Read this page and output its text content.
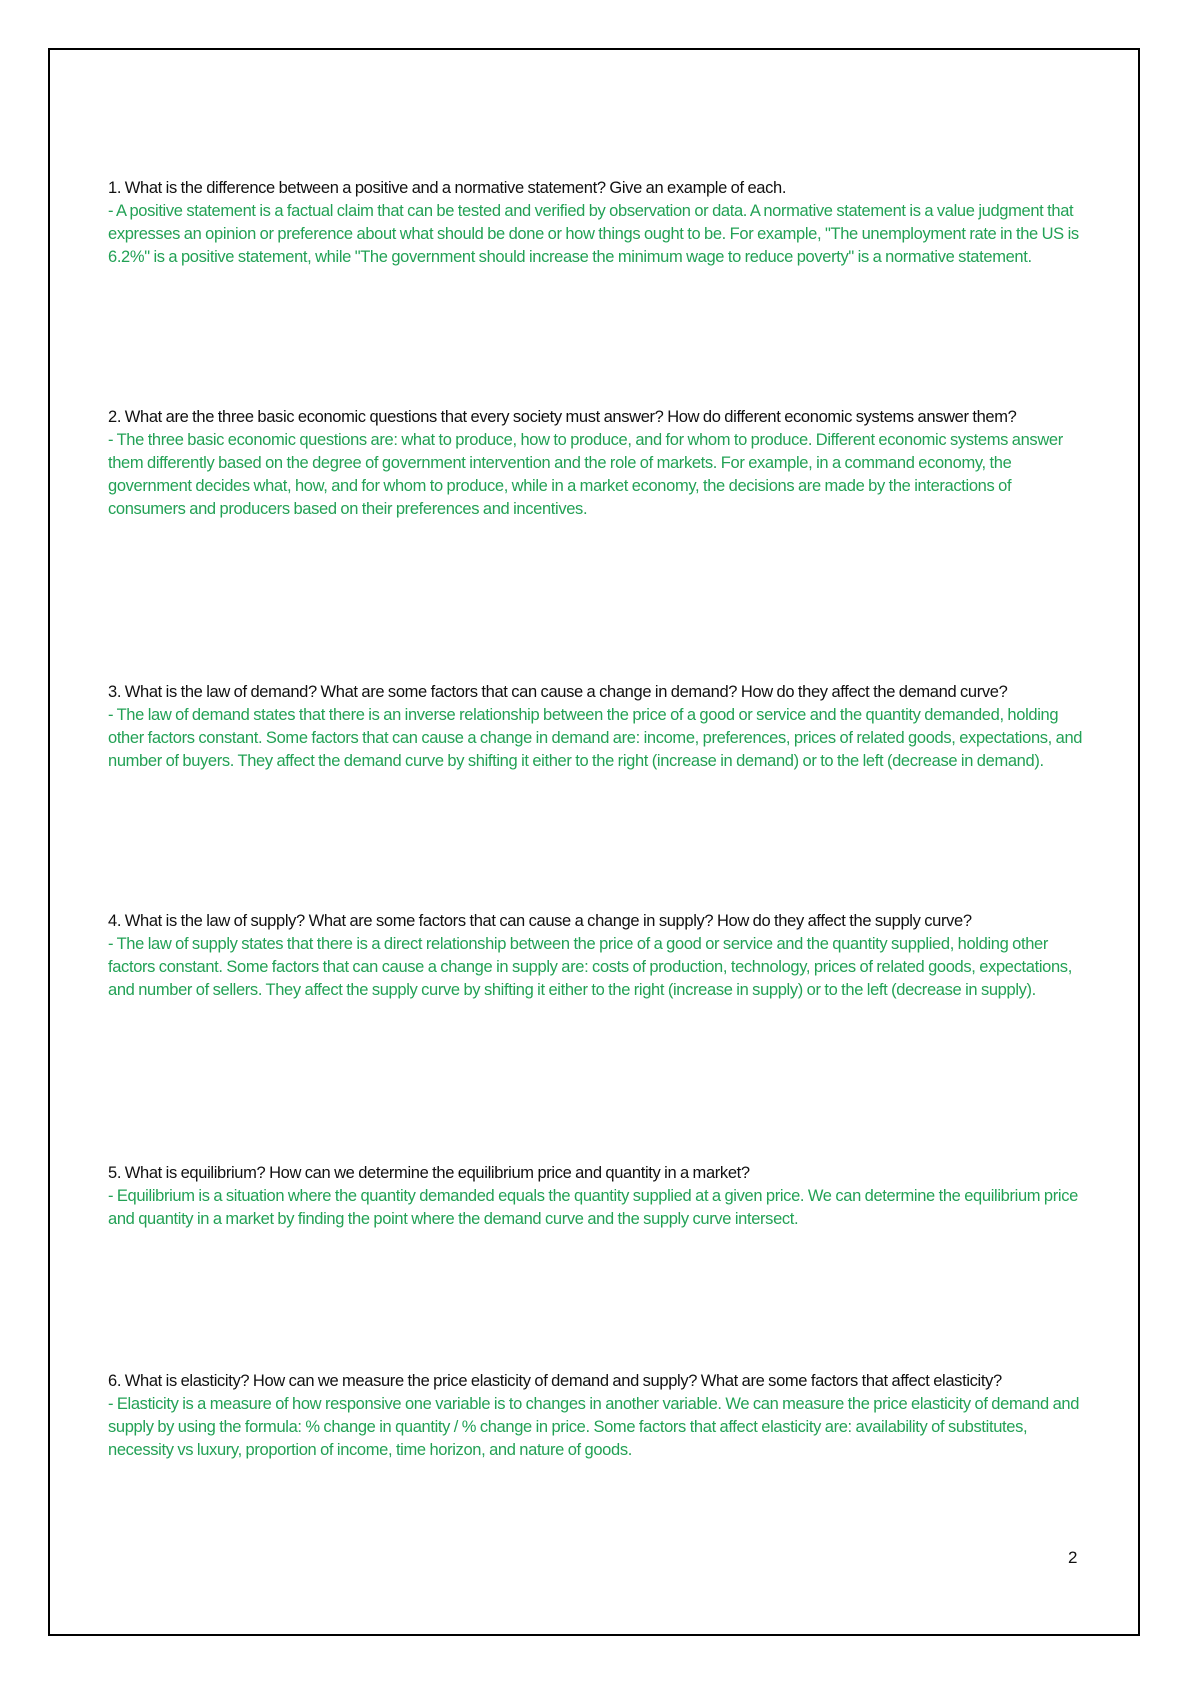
1. What is the difference between a positive and a normative statement? Give an example of each.

- A positive statement is a factual claim that can be tested and verified by observation or data. A normative statement is a value judgment that expresses an opinion or preference about what should be done or how things ought to be. For example, "The unemployment rate in the US is 6.2%" is a positive statement, while "The government should increase the minimum wage to reduce poverty" is a normative statement.

2. What are the three basic economic questions that every society must answer? How do different economic systems answer them?

- The three basic economic questions are: what to produce, how to produce, and for whom to produce. Different economic systems answer them differently based on the degree of government intervention and the role of markets. For example, in a command economy, the government decides what, how, and for whom to produce, while in a market economy, the decisions are made by the interactions of consumers and producers based on their preferences and incentives.

3. What is the law of demand? What are some factors that can cause a change in demand? How do they affect the demand curve?

- The law of demand states that there is an inverse relationship between the price of a good or service and the quantity demanded, holding other factors constant. Some factors that can cause a change in demand are: income, preferences, prices of related goods, expectations, and number of buyers. They affect the demand curve by shifting it either to the right (increase in demand) or to the left (decrease in demand).

4. What is the law of supply? What are some factors that can cause a change in supply? How do they affect the supply curve?

- The law of supply states that there is a direct relationship between the price of a good or service and the quantity supplied, holding other factors constant. Some factors that can cause a change in supply are: costs of production, technology, prices of related goods, expectations, and number of sellers. They affect the supply curve by shifting it either to the right (increase in supply) or to the left (decrease in supply).

5. What is equilibrium? How can we determine the equilibrium price and quantity in a market?

- Equilibrium is a situation where the quantity demanded equals the quantity supplied at a given price. We can determine the equilibrium price and quantity in a market by finding the point where the demand curve and the supply curve intersect.

6. What is elasticity? How can we measure the price elasticity of demand and supply? What are some factors that affect elasticity?

- Elasticity is a measure of how responsive one variable is to changes in another variable. We can measure the price elasticity of demand and supply by using the formula: % change in quantity / % change in price. Some factors that affect elasticity are: availability of substitutes, necessity vs luxury, proportion of income, time horizon, and nature of goods.

2
